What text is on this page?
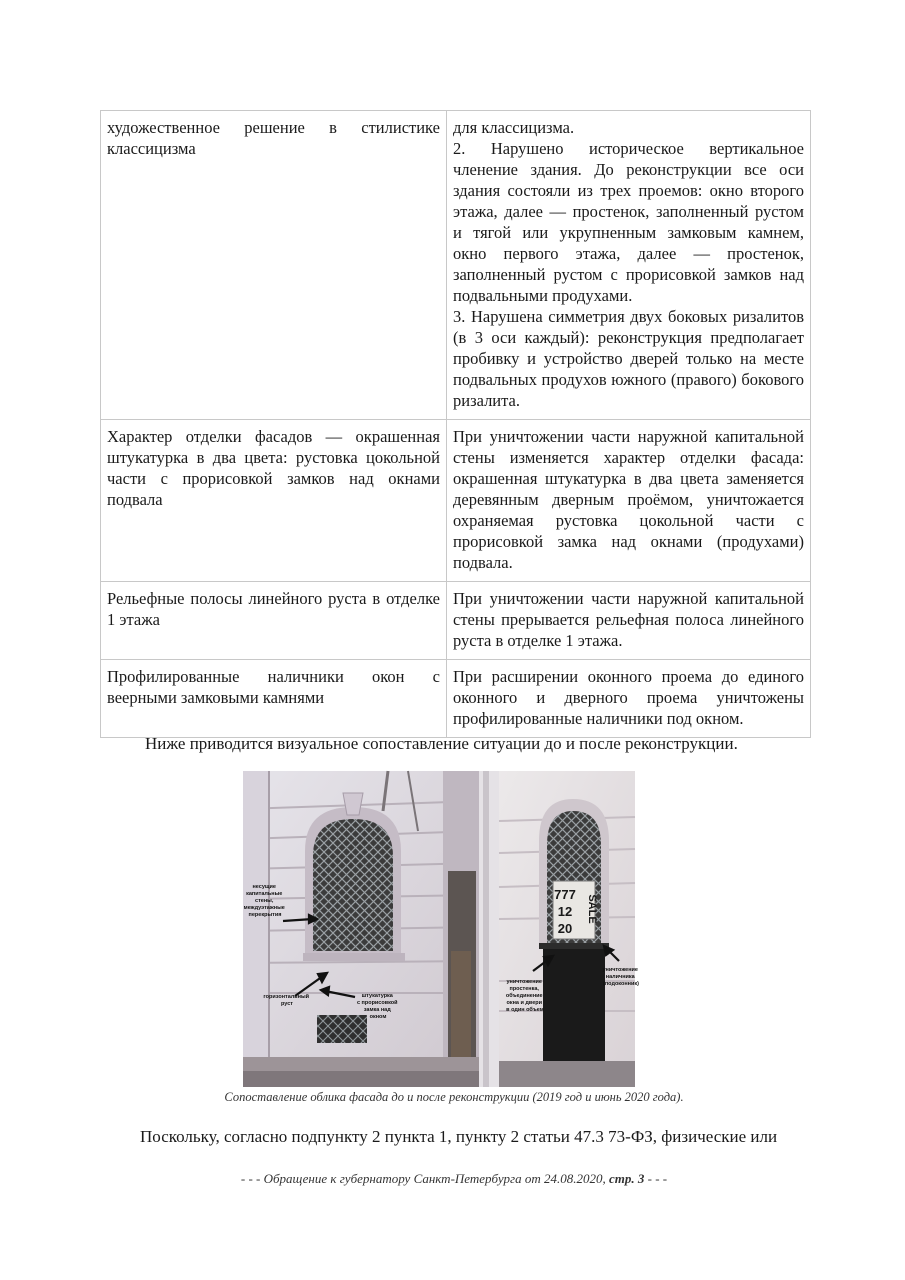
художественное решение в стилистике классицизма	для классицизма.

2. Нарушено историческое вертикальное членение здания. До реконструкции все оси здания состояли из трех проемов: окно второго этажа, далее — простенок, заполненный рустом и тягой или укрупненным замковым камнем, окно первого этажа, далее — простенок, заполненный рустом с прорисовкой замков над подвальными продухами.

3. Нарушена симметрия двух боковых ризалитов (в 3 оси каждый): реконструкция предполагает пробивку и устройство дверей только на месте подвальных продухов южного (правого) бокового ризалита.

Характер отделки фасадов — окрашенная штукатурка в два цвета: рустовка цокольной части с прорисовкой замков над окнами подвала	При уничтожении части наружной капитальной стены изменяется характер отделки фасада: окрашенная штукатурка в два цвета заменяется деревянным дверным проёмом, уничтожается охраняемая рустовка цокольной части с прорисовкой замка над окнами (продухами) подвала.

Рельефные полосы линейного руста в отделке 1 этажа	При уничтожении части наружной капитальной стены прерывается рельефная полоса линейного руста в отделке 1 этажа.

Профилированные наличники окон с веерными замковыми камнями	При расширении оконного проема до единого оконного и дверного проема уничтожены профилированные наличники под окном.

Ниже приводится визуальное сопоставление ситуации до и после реконструкции.
несущие капитальные стены, междуэтажные перекрытия
горизонтальный руст
штукатурка с прорисовкой замка над окном
уничтожение простенка, объединение окна и двери в один объем
уничтожение наличника (подоконник)
777
12
20
SALE
Сопоставление облика фасада до и после реконструкции (2019 год и июнь 2020 года).
Поскольку, согласно подпункту 2 пункта 1, пункту 2 статьи 47.3 73-ФЗ, физические или
- - - Обращение к губернатору Санкт-Петербурга от 24.08.2020, стр. 3 - - -
